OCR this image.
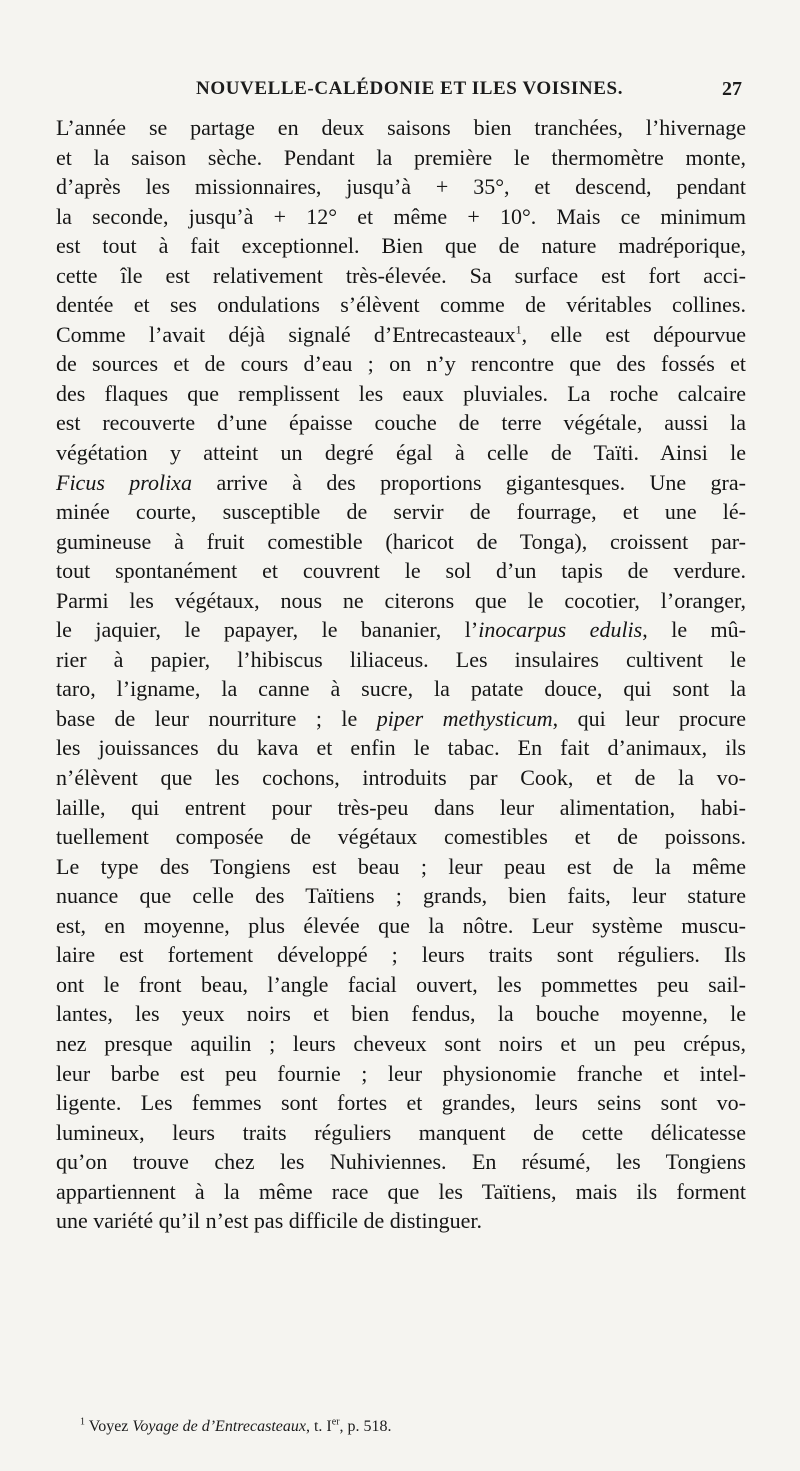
NOUVELLE-CALÉDONIE ET ILES VOISINES.	27
L’année se partage en deux saisons bien tranchées, l’hivernage
et la saison sèche. Pendant la première le thermomètre monte,
d’après les missionnaires, jusqu’à + 35°, et descend, pendant
la seconde, jusqu’à + 12° et même + 10°. Mais ce minimum
est tout à fait exceptionnel. Bien que de nature madréporique,
cette île est relativement très-élevée. Sa surface est fort acci-
dentée et ses ondulations s’élèvent comme de véritables collines.
Comme l’avait déjà signalé d’Entrecasteaux$^1$, elle est dépourvue
de sources et de cours d’eau ; on n’y rencontre que des fossés et
des flaques que remplissent les eaux pluviales. La roche calcaire
est recouverte d’une épaisse couche de terre végétale, aussi la
végétation y atteint un degré égal à celle de Taïti. Ainsi le
Ficus prolixa arrive à des proportions gigantesques. Une gra-
minée courte, susceptible de servir de fourrage, et une lé-
gumineuse à fruit comestible (haricot de Tonga), croissent par-
tout spontanément et couvrent le sol d’un tapis de verdure.
Parmi les végétaux, nous ne citerons que le cocotier, l’oranger,
le jaquier, le papayer, le bananier, l’inocarpus edulis, le mû-
rier à papier, l’hibiscus liliaceus. Les insulaires cultivent le
taro, l’igname, la canne à sucre, la patate douce, qui sont la
base de leur nourriture ; le piper methysticum, qui leur procure
les jouissances du kava et enfin le tabac. En fait d’animaux, ils
n’élèvent que les cochons, introduits par Cook, et de la vo-
laille, qui entrent pour très-peu dans leur alimentation, habi-
tuellement composée de végétaux comestibles et de poissons.
Le type des Tongiens est beau ; leur peau est de la même
nuance que celle des Taïtiens ; grands, bien faits, leur stature
est, en moyenne, plus élevée que la nôtre. Leur système muscu-
laire est fortement développé ; leurs traits sont réguliers. Ils
ont le front beau, l’angle facial ouvert, les pommettes peu sail-
lantes, les yeux noirs et bien fendus, la bouche moyenne, le
nez presque aquilin ; leurs cheveux sont noirs et un peu crépus,
leur barbe est peu fournie ; leur physionomie franche et intel-
ligente. Les femmes sont fortes et grandes, leurs seins sont vo-
lumineux, leurs traits réguliers manquent de cette délicatesse
qu’on trouve chez les Nuhiviennes. En résumé, les Tongiens
appartiennent à la même race que les Taïtiens, mais ils forment
une variété qu’il n’est pas difficile de distinguer.
$^1$ Voyez Voyage de d’Entrecasteaux, t. Ier, p. 518.
